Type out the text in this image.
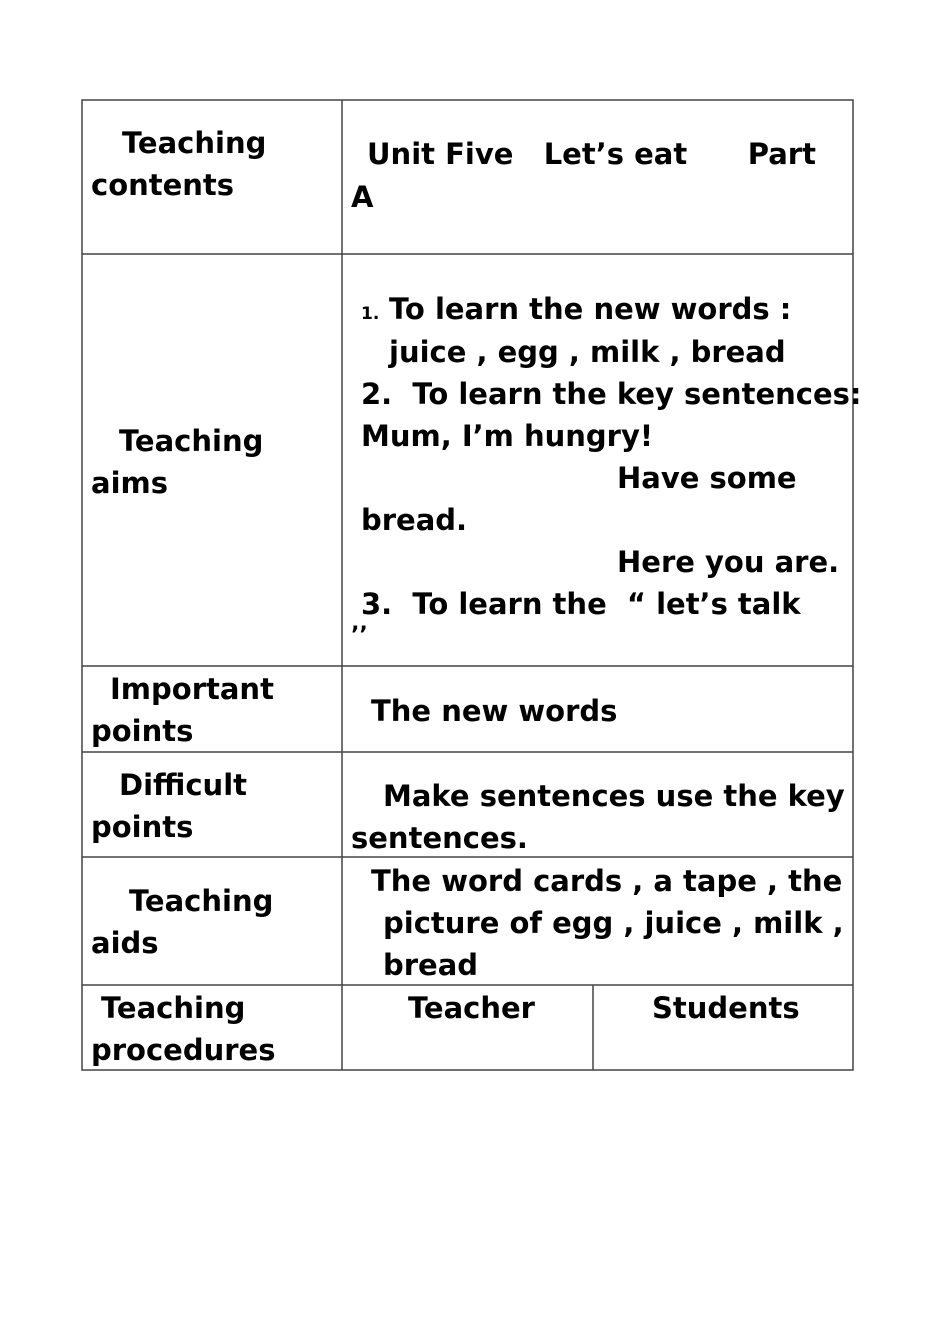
Teaching
contents
Unit Five   Let’s eat      Part
A
Teaching
aims
1. To learn the new words :
juice , egg , milk , bread
2.  To learn the key sentences:
Mum, I’m hungry!
Have some
bread.
Here you are.
3.  To learn the  “ let’s talk
’’
Important
points
The new words
Difficult
points
Make sentences use the key
sentences.
Teaching
aids
The word cards , a tape , the
picture of egg , juice , milk ,
bread
Teaching
procedures
Teacher	Students
